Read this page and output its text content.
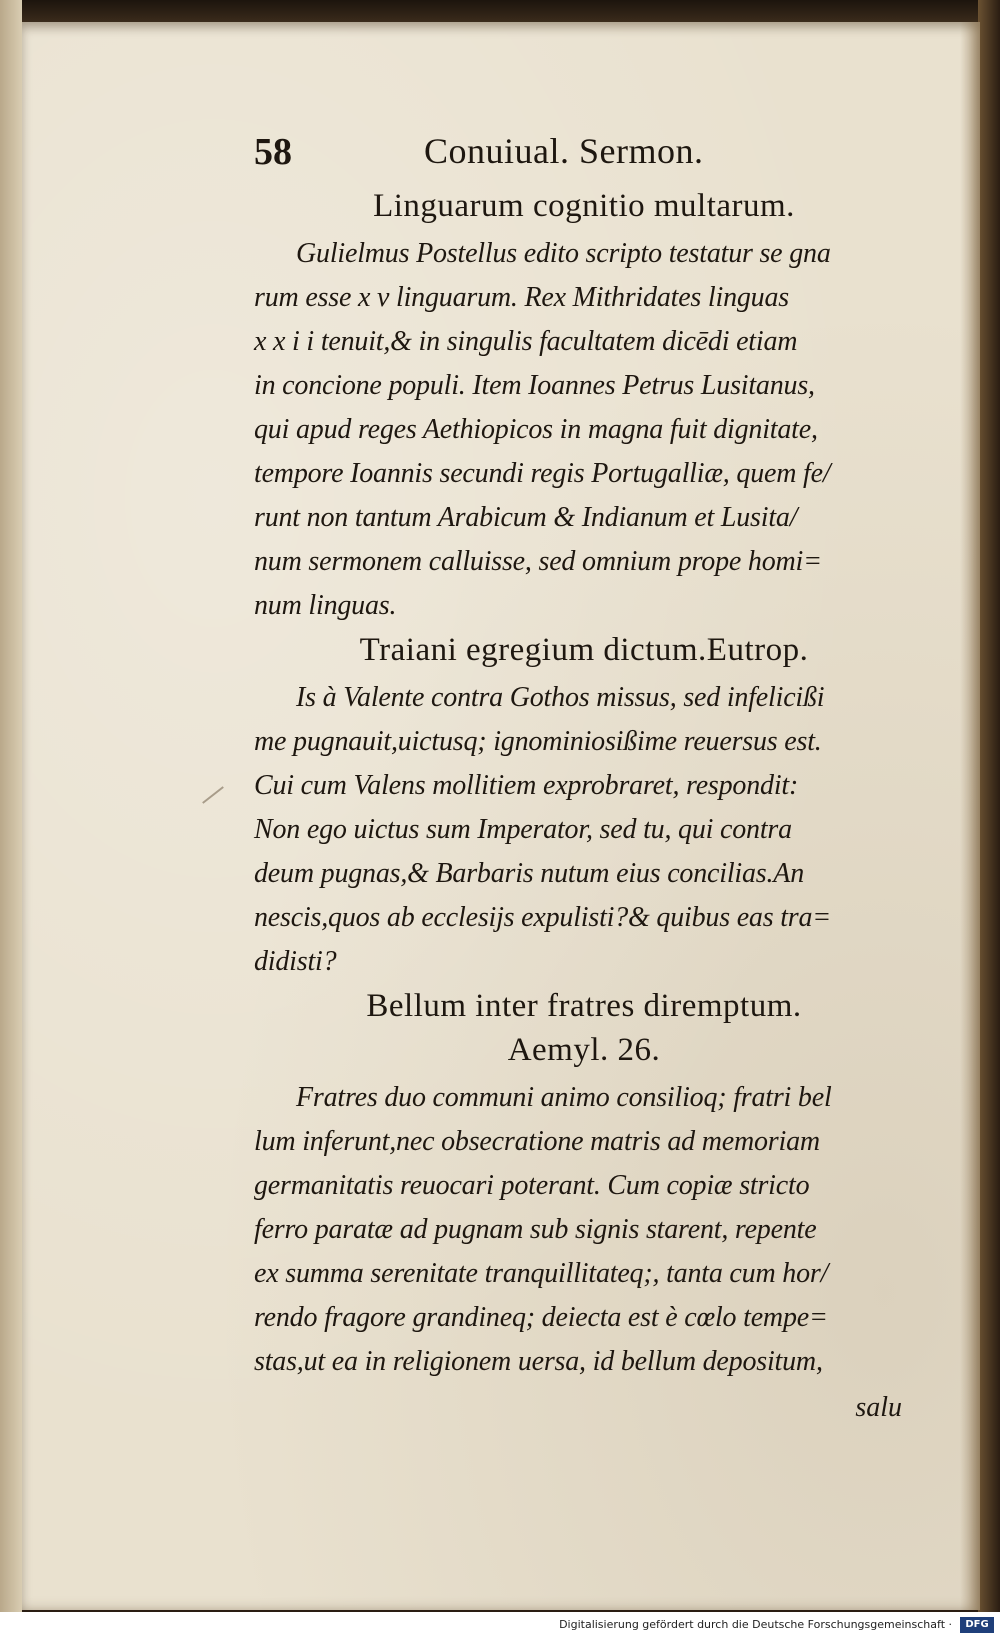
58	Conuiual. Sermon.

Linguarum cognitio multarum.

Gulielmus Postellus edito scripto testatur se gna
rum esse x v linguarum. Rex Mithridates linguas
x x i i tenuit,& in singulis facultatem dicēdi etiam
in concione populi. Item Ioannes Petrus Lusitanus,
qui apud reges Aethiopicos in magna fuit dignitate,
tempore Ioannis secundi regis Portugalliæ, quem fe/
runt non tantum Arabicum & Indianum et Lusita/
num sermonem calluisse, sed omnium prope homi=
num linguas.

Traiani egregium dictum.Eutrop.

Is à Valente contra Gothos missus, sed infelicißi
me pugnauit,uictusq; ignominiosißime reuersus est.
Cui cum Valens mollitiem exprobraret, respondit:
Non ego uictus sum Imperator, sed tu, qui contra
deum pugnas,& Barbaris nutum eius concilias.An
nescis,quos ab ecclesijs expulisti?& quibus eas tra=
didisti?

Bellum inter fratres diremptum.

Aemyl. 26.

Fratres duo communi animo consilioq; fratri bel
lum inferunt,nec obsecratione matris ad memoriam
germanitatis reuocari poterant. Cum copiæ stricto
ferro paratæ ad pugnam sub signis starent, repente
ex summa serenitate tranquillitateq;, tanta cum hor/
rendo fragore grandineq; deiecta est è cœlo tempe=
stas,ut ea in religionem uersa, id bellum depositum,
salu
Digitalisierung gefördert durch die Deutsche Forschungsgemeinschaft ·	DFG
